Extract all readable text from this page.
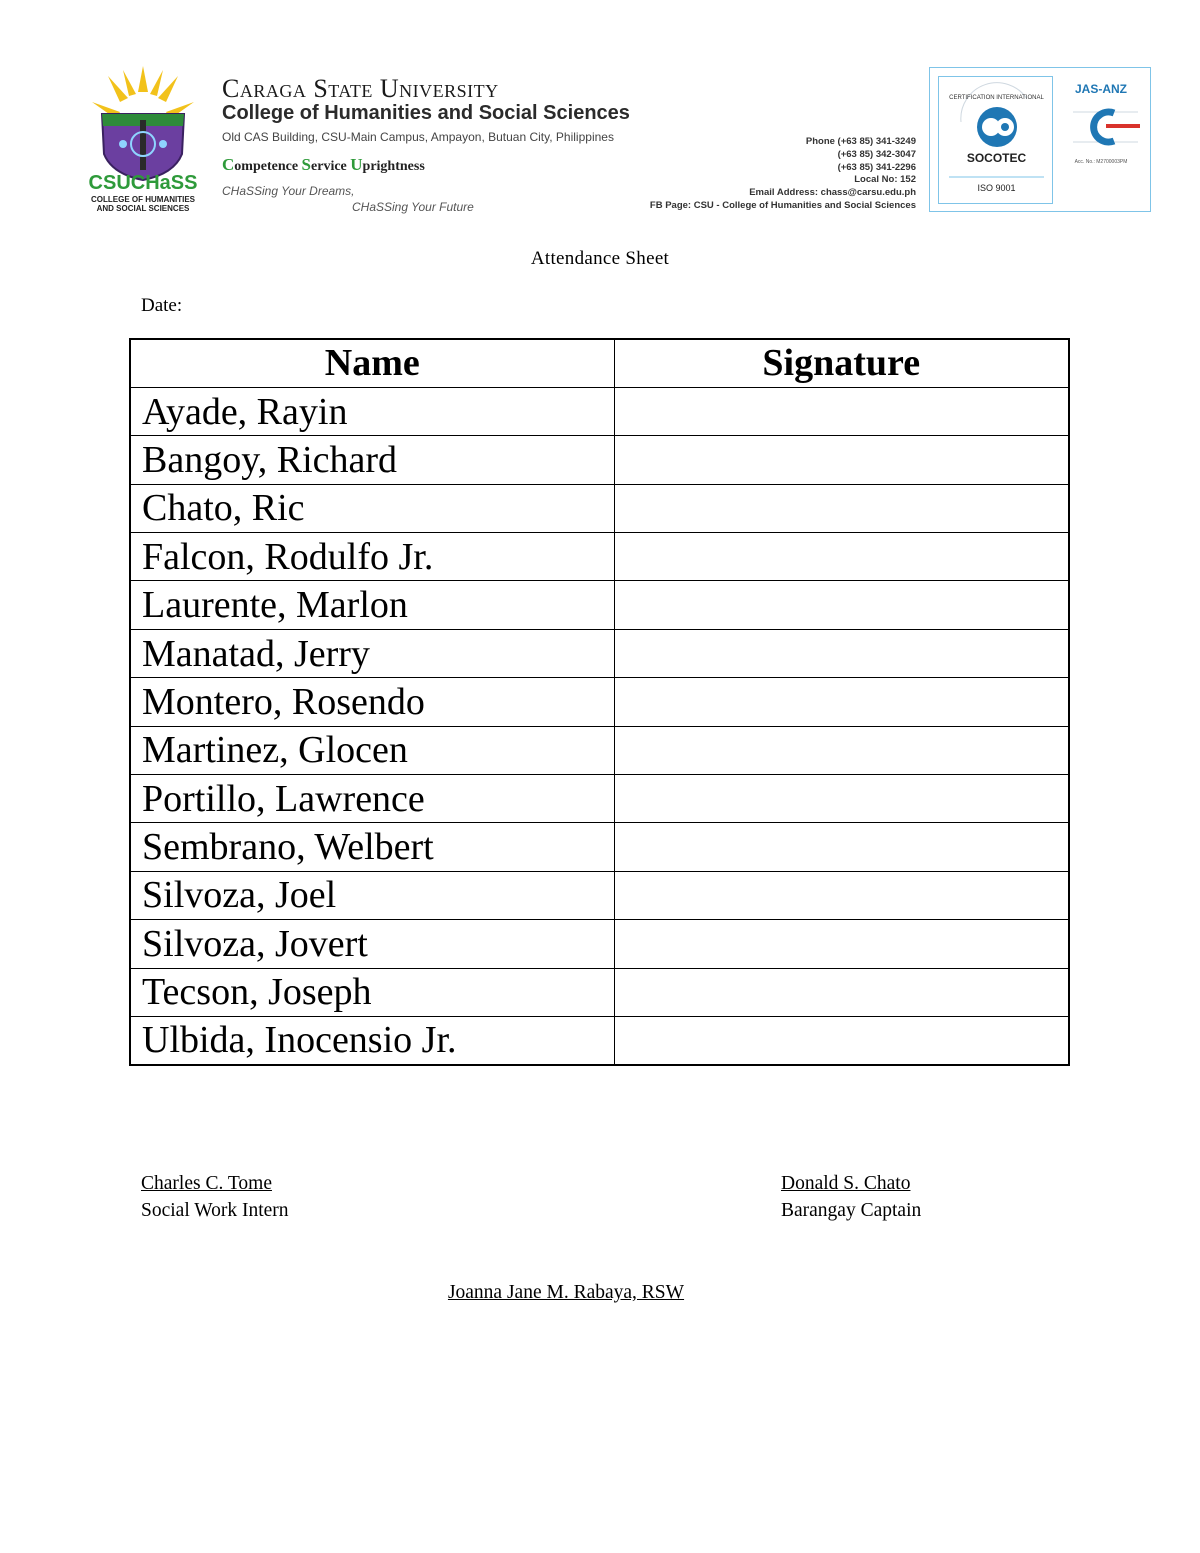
CSUCHaSS
COLLEGE OF HUMANITIES AND SOCIAL SCIENCES
Caraga State University
College of Humanities and Social Sciences
Old CAS Building, CSU-Main Campus, Ampayon, Butuan City, Philippines
Competence Service Uprightness
CHaSSing Your Dreams,
CHaSSing Your Future
Phone (+63 85) 341-3249
(+63 85) 342-3047
(+63 85) 341-2296
Local No: 152
Email Address: chass@carsu.edu.ph
FB Page: CSU - College of Humanities and Social Sciences
CERTIFICATION INTERNATIONAL
SOCOTEC
ISO 9001
JAS-ANZ
Acc. No.: M2700003PM
Attendance Sheet
Date:
Name	Signature
Ayade, Rayin	
Bangoy, Richard	
Chato, Ric	
Falcon, Rodulfo Jr.	
Laurente, Marlon	
Manatad, Jerry	
Montero, Rosendo	
Martinez, Glocen	
Portillo, Lawrence	
Sembrano, Welbert	
Silvoza, Joel	
Silvoza, Jovert	
Tecson, Joseph	
Ulbida, Inocensio Jr.	
Charles C. Tome
Social Work Intern
Donald S. Chato
Barangay Captain
Joanna Jane M. Rabaya, RSW
